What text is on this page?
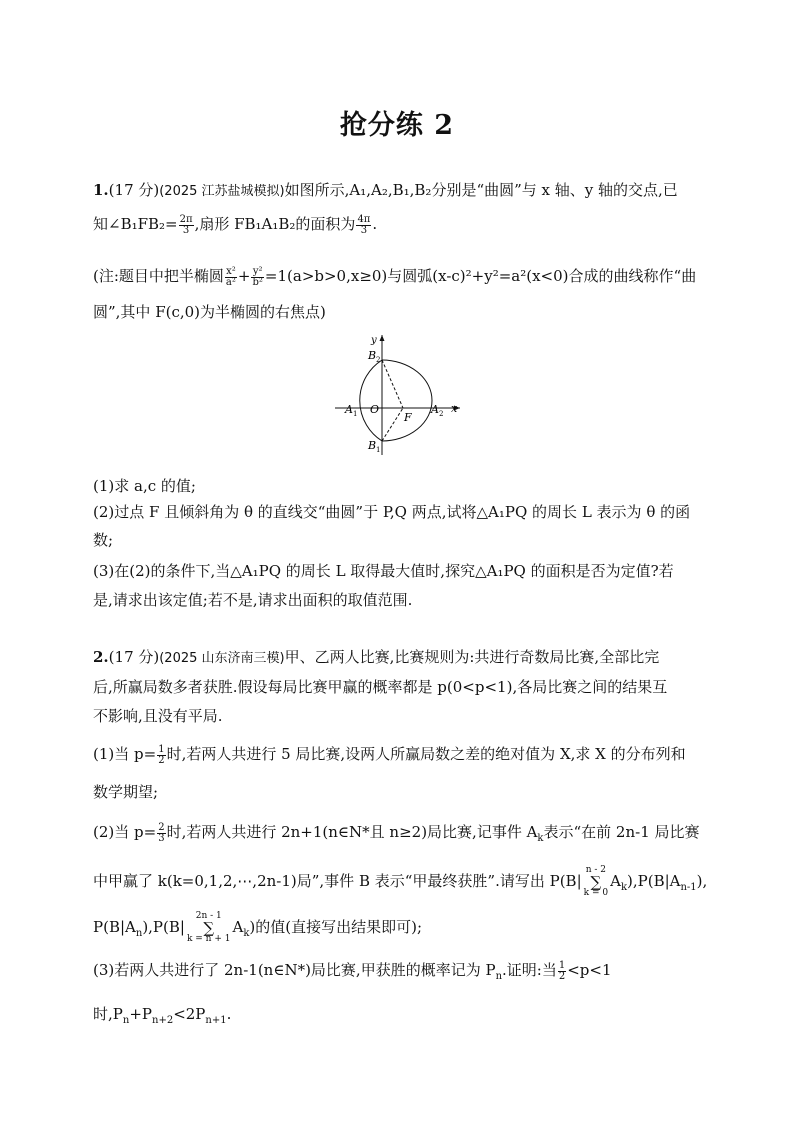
抢分练 2
1.(17 分)(2025 江苏盐城模拟)如图所示,A₁,A₂,B₁,B₂分别是“曲圆”与 x 轴、y 轴的交点,已
知∠B₁FB₂= $\frac{2\pi}{3}$ ,扇形 FB₁A₁B₂的面积为 $\frac{4\pi}{3}$ .
(注:题目中把半椭圆 $\frac{\text{x²}}{\text{a²}} + \frac{\text{y²}}{\text{b²}} =1(a>b>0,x\ge 0)$与圆弧(x-c)²+y²=a²(x<0)合成的曲线称作“曲
圆”,其中 F(c,0)为半椭圆的右焦点)
y
x
B 2
B 1
A 1	A 2
O
F
(1)求 a,c 的值;
(2)过点 F 且倾斜角为 θ 的直线交“曲圆”于 P,Q 两点,试将△A₁PQ 的周长 L 表示为 θ 的函
数;
(3)在(2)的条件下,当△A₁PQ 的周长 L 取得最大值时,探究△A₁PQ 的面积是否为定值?若
是,请求出该定值;若不是,请求出面积的取值范围.
2.(17 分)(2025 山东济南三模)甲、乙两人比赛,比赛规则为:共进行奇数局比赛,全部比完
后,所赢局数多者获胜.假设每局比赛甲赢的概率都是 p(0<p<1),各局比赛之间的结果互
不影响,且没有平局.
(1)当 $p= \frac{1}{2}$ 时,若两人共进行 5 局比赛,设两人所赢局数之差的绝对值为 X,求 X 的分布列和
数学期望;
(2)当 $p= \frac{2}{3}$ 时,若两人共进行 2n+1(n∈N*且 n≥2)局比赛,记事件 $A_k$表示“在前 2n-1 局比赛
中甲赢了 k(k=0,1,2,⋯,2n-1)局”,事件 B 表示“甲最终获胜”.请写出 P(B|
n - 2
∑
k = 0
$A_k),P(B|A_{n-1})$,
$P(B|A_n),P(B|$
2n - 1
∑
k = n + 1
$A_k$)的值(直接写出结果即可);
(3)若两人共进行了 2n-1(n∈N*)局比赛,甲获胜的概率记为 $P_n$.证明:当 $\frac{1}{2} <p<1$
时$,P_n+P_{n+2}<2P_{n+1}$.
